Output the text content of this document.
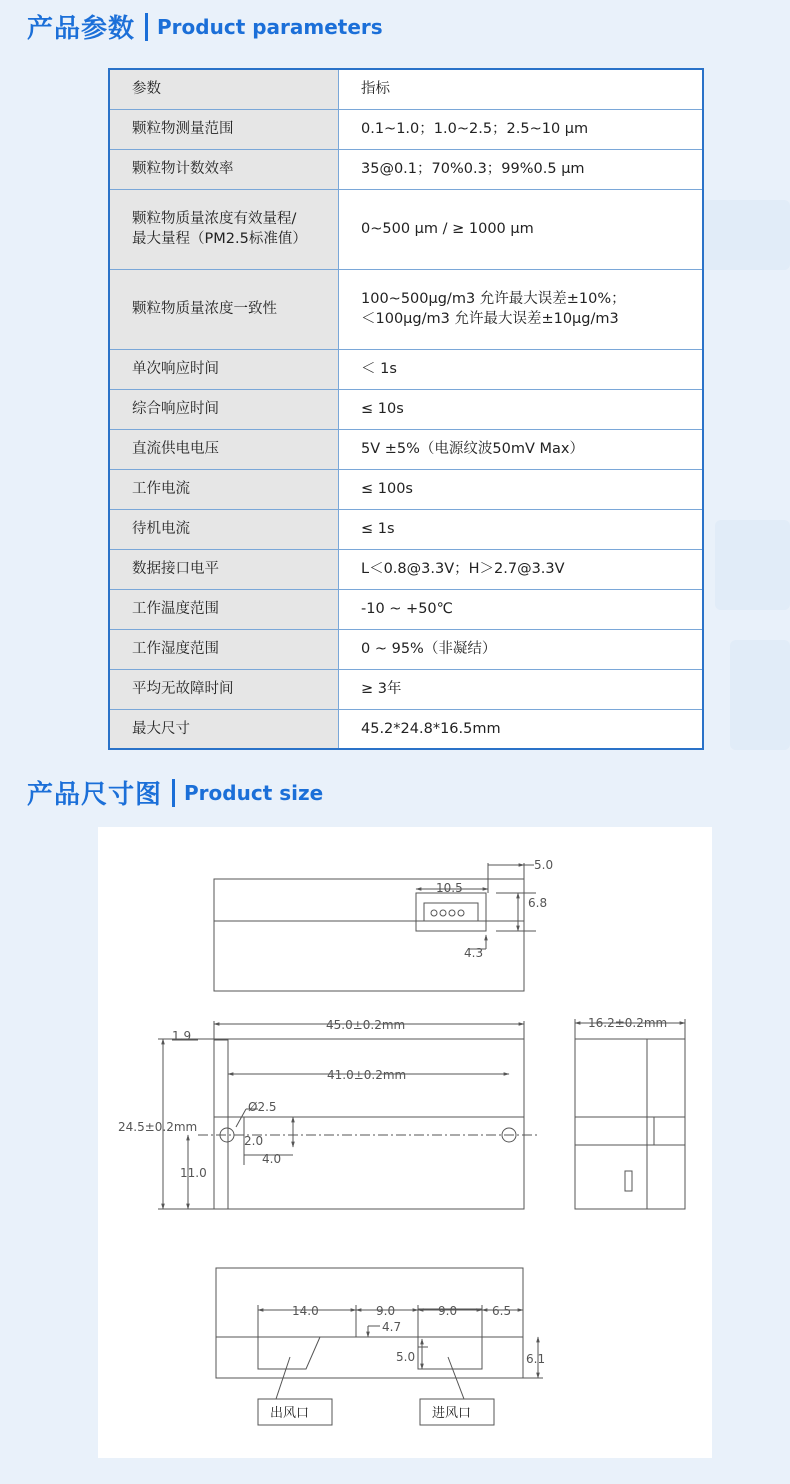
产品参数 Product parameters
参数	指标
颗粒物测量范围	0.1~1.0；1.0~2.5；2.5~10 μm
颗粒物计数效率	35@0.1；70%0.3；99%0.5 μm

颗粒物质量浓度有效量程/
最大量程（PM2.5标准值）	0~500 μm / ≥ 1000 μm
颗粒物质量浓度一致性	100~500μg/m3 允许最大误差±10%；
＜100μg/m3 允许最大误差±10μg/m3

单次响应时间	＜ 1s
综合响应时间	≤ 10s
直流供电电压	5V ±5%（电源纹波50mV Max）
工作电流	≤ 100s
待机电流	≤ 1s
数据接口电平	L＜0.8@3.3V；H＞2.7@3.3V
工作温度范围	-10 ~ +50℃
工作湿度范围	0 ~ 95%（非凝结）
平均无故障时间	≥ 3年
最大尺寸	45.2*24.8*16.5mm
产品尺寸图 Product size
5.0
10.5
6.8
4.3
1.9
45.0±0.2mm
41.0±0.2mm
Ø2.5
24.5±0.2mm
2.0
4.0
11.0
16.2±0.2mm
14.0	9.0	9.0	6.5
4.7
5.0	6.1
出风口	进风口
